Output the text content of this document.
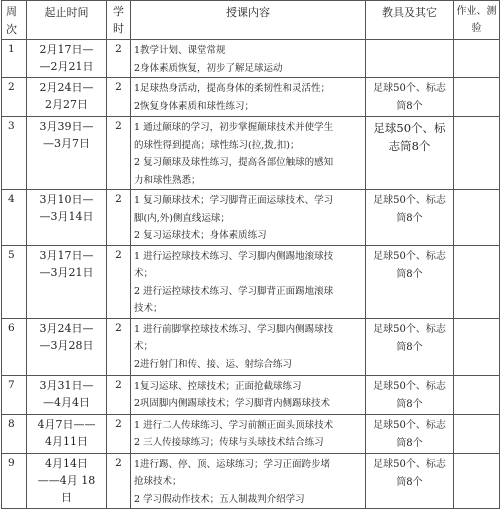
周
次	起止时间	学
时	授课内容	教具及其它	作业、测
验

1	2月17日—
—2月21日	2	1教学计划、课堂常规
2身体素质恢复，初步了解足球运动		

2	2月24日—
2月27日	2	1足球热身活动，提高身体的柔韧性和灵活性；
2恢复身体素质和球性练习；	足球50个、标志
筒8个	

3	3月39日—
—3月7日	2	1 通过颠球的学习，初步掌握颠球技术并使学生
的球性得到提高；球性练习(拉,拨,扣)；
2 复习颠球及球性练习，提高各部位触球的感知
力和球性熟悉；	足球50个、标
志筒8个	

4	3月10日—
—3月14日	2	1 复习颠球技术；学习脚背正面运球技术、学习
脚(内,外)侧直线运球；
2 复习运球技术；身体素质练习	足球50个、标志
筒8个	

5	3月17日—
—3月21日	2	1 进行运控球技术练习、学习脚内侧踢地滚球技
术；
2 进行运控球技术练习、学习脚背正面踢地滚球
技术；	足球50个、标志
筒8个	

6	3月24日—
—3月28日	2	1 进行前脚掌控球技术练习、学习脚内侧踢球技
术；
2进行射门和传、接、运、射综合练习	足球50个、标志
筒8个	

7	3月31日—
—4月4日	2	1复习运球、控球技术；正面抢截球练习
2巩固脚内侧踢球技术；学习脚背内侧踢球技术	足球50个、标志
筒8个	

8	4月7日——
4月11日	2	1 进行二人传球练习、学习前额正面头顶球技术
2 三人传接球练习；传球与头球技术结合练习	足球50个、标志
筒8个	

9	4月14日
——4月 18
日	2	1进行踢、停、顶、运球练习；学习正面跨步堵
抢球技术；
2 学习假动作技术；五人制裁判介绍学习	足球50个、标志
筒8个	
